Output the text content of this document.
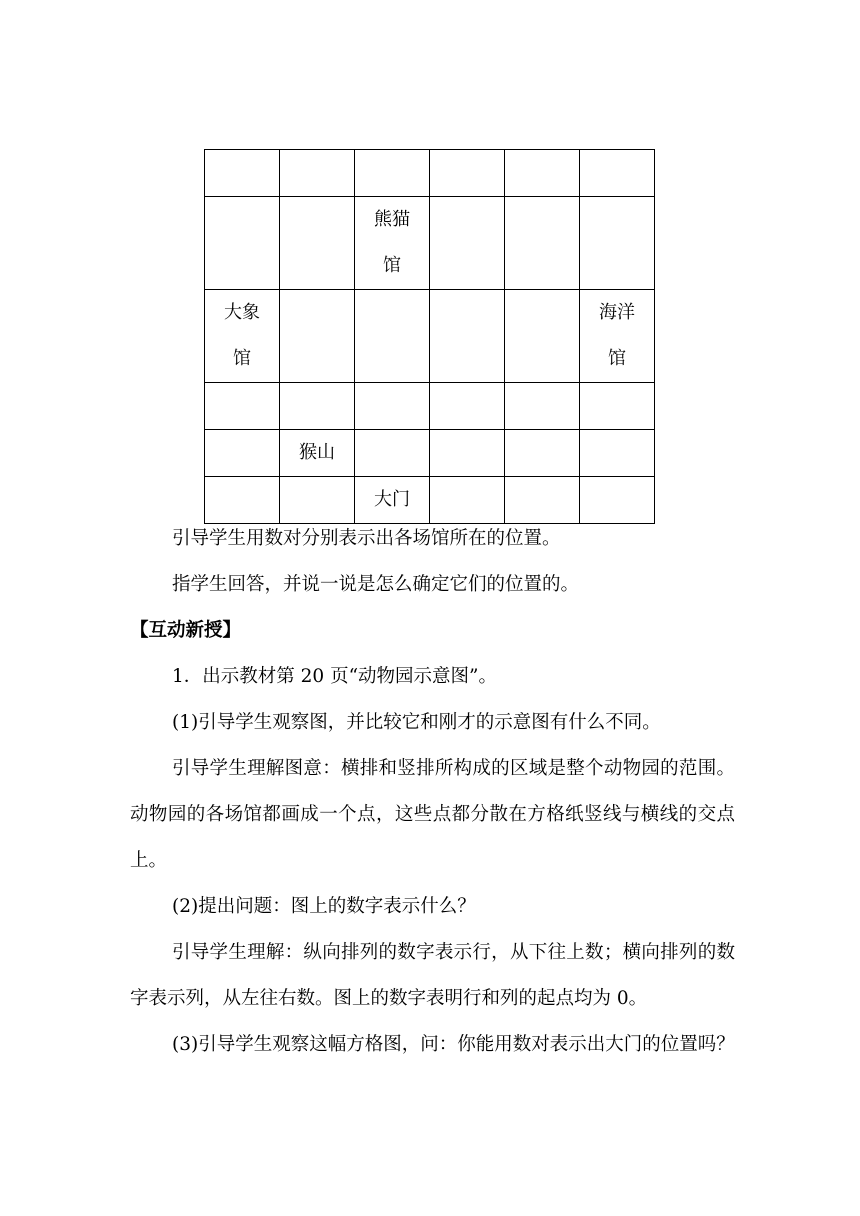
		熊猫馆			
大象馆					海洋馆

	猴山				
		大门			

引导学生用数对分别表示出各场馆所在的位置。

指学生回答，并说一说是怎么确定它们的位置的。

【互动新授】

1．出示教材第 20 页“动物园示意图”。

(1)引导学生观察图，并比较它和刚才的示意图有什么不同。

引导学生理解图意：横排和竖排所构成的区域是整个动物园的范围。动物园的各场馆都画成一个点，这些点都分散在方格纸竖线与横线的交点上。

(2)提出问题：图上的数字表示什么？

引导学生理解：纵向排列的数字表示行，从下往上数；横向排列的数字表示列，从左往右数。图上的数字表明行和列的起点均为 0。

(3)引导学生观察这幅方格图，问：你能用数对表示出大门的位置吗？
